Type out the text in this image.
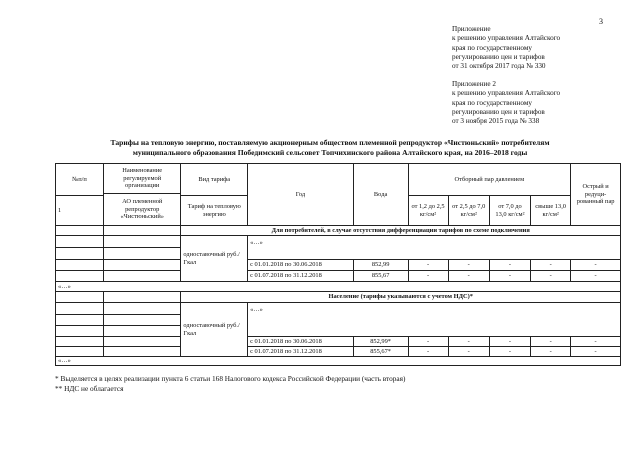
3
Приложение
к решению управления Алтайского
края по государственному
регулированию цен и тарифов
от 31 октября 2017 года № 330
Приложение 2
к решению управления Алтайского
края по государственному
регулированию цен и тарифов
от 3 ноября 2015 года № 338
Тарифы на тепловую энергию, поставляемую акционерным обществом племенной репродуктор «Чистюньский» потребителям
муниципального образования Победимский сельсовет Топчихинского района Алтайского края, на 2016–2018 годы
№п/п	Наименование регулируемой организации	Вид тарифа	Год	Вода	Отборный пар давлением				Острый и редуци-рованный пар
	АО племенной репродуктор «Чистюньский»								
1		Тариф на тепловую энергию			от 1,2 до 2,5 кг/см²	от 2,5 до 7,0 кг/см²	от 7,0 до 13,0 кг/см²	свыше 13,0 кг/см²	

		Для потребителей, в случае отсутствия дифференциации тарифов по схеме подключения							
		одноставочный руб./Гкал	«…»						

			с 01.01.2018 по 30.06.2018	852,99	-	-	-	-	-
			с 01.07.2018 по 31.12.2018	855,67	-	-	-	-	-
«…»									
		Население (тарифы указываются с учетом НДС)*							
		одноставочный руб./Гкал	«…»						

			с 01.01.2018 по 30.06.2018	852,99*	-	-	-	-	-
			с 01.07.2018 по 31.12.2018	855,67*	-	-	-	-	-
«…»									
* Выделяется в целях реализации пункта 6 статьи 168 Налогового кодекса Российской Федерации (часть вторая)
** НДС не облагается
